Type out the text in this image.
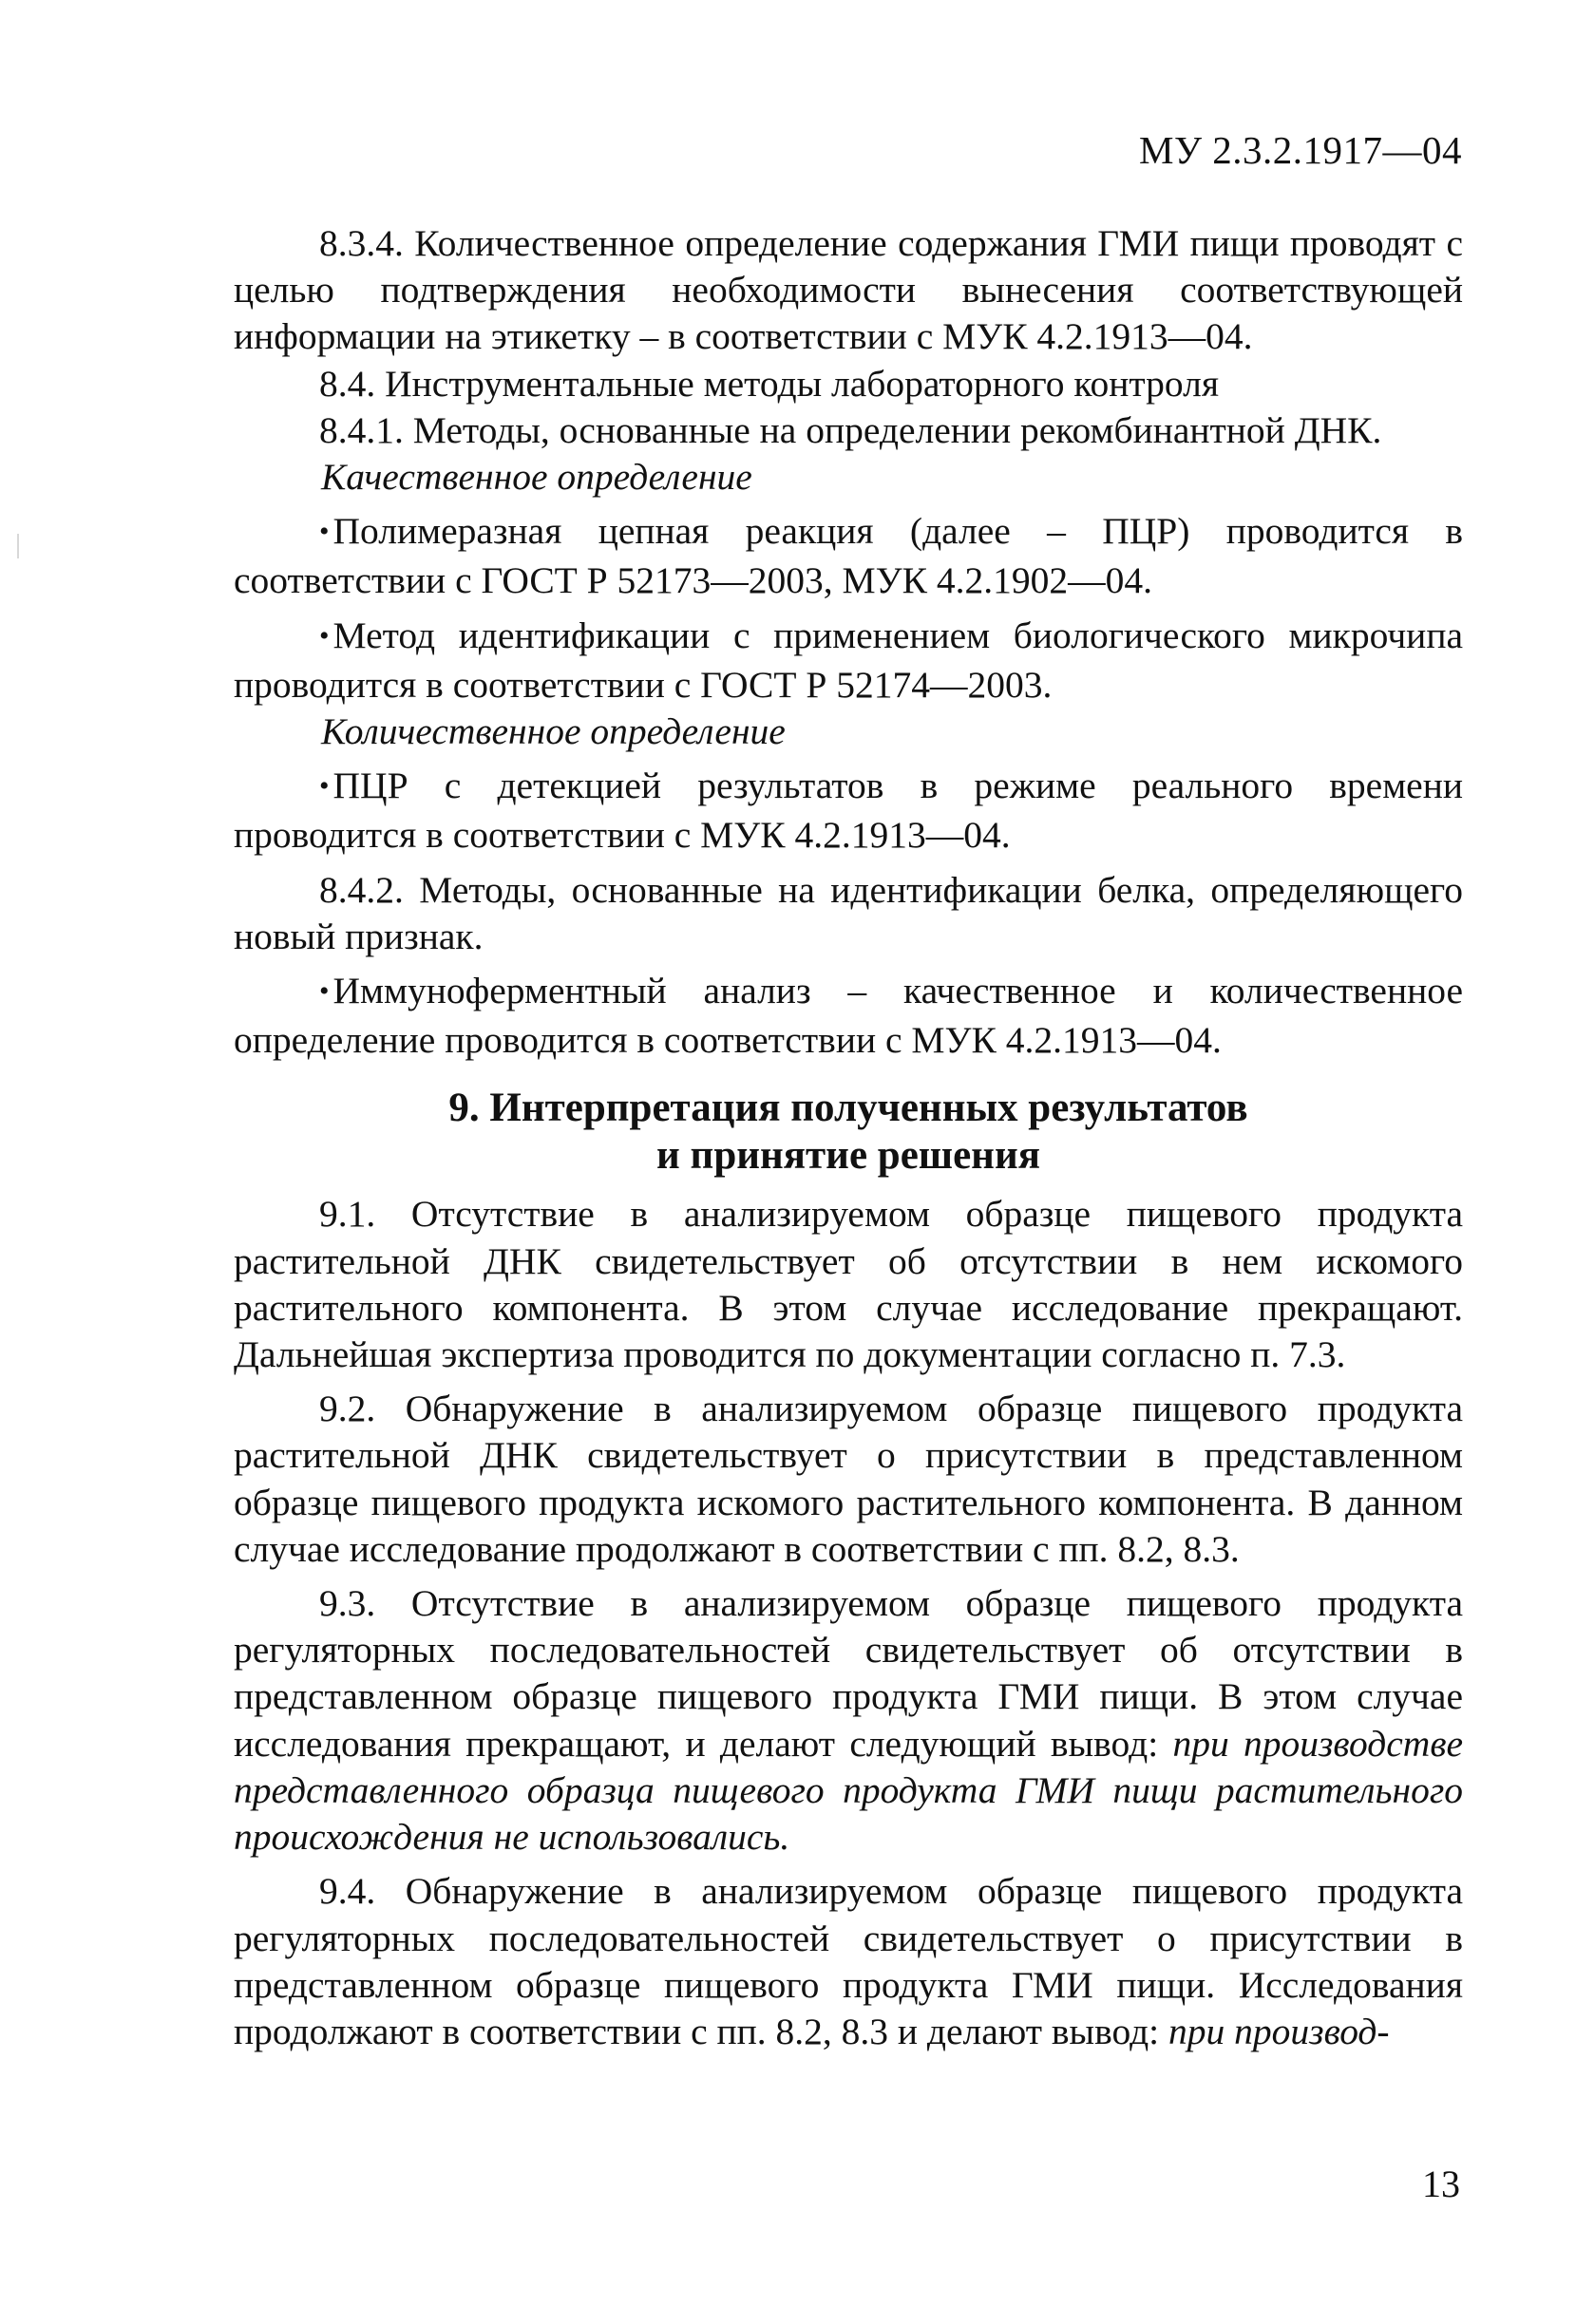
МУ 2.3.2.1917—04

8.3.4. Количественное определение содержания ГМИ пищи проводят с целью подтверждения необходимости вынесения соответствующей информации на этикетку – в соответствии с МУК 4.2.1913—04.

8.4. Инструментальные методы лабораторного контроля

8.4.1. Методы, основанные на определении рекомбинантной ДНК.

Качественное определение

• Полимеразная цепная реакция (далее – ПЦР) проводится в соответствии с ГОСТ Р 52173—2003, МУК 4.2.1902—04.

• Метод идентификации с применением биологического микрочипа проводится в соответствии с ГОСТ Р 52174—2003.

Количественное определение

• ПЦР с детекцией результатов в режиме реального времени проводится в соответствии с МУК 4.2.1913—04.

8.4.2. Методы, основанные на идентификации белка, определяющего новый признак.

• Иммуноферментный анализ – качественное и количественное определение проводится в соответствии с МУК 4.2.1913—04.

9. Интерпретация полученных результатов
и принятие решения

9.1. Отсутствие в анализируемом образце пищевого продукта растительной ДНК свидетельствует об отсутствии в нем искомого растительного компонента. В этом случае исследование прекращают. Дальнейшая экспертиза проводится по документации согласно п. 7.3.

9.2. Обнаружение в анализируемом образце пищевого продукта растительной ДНК свидетельствует о присутствии в представленном образце пищевого продукта искомого растительного компонента. В данном случае исследование продолжают в соответствии с пп. 8.2, 8.3.

9.3. Отсутствие в анализируемом образце пищевого продукта регуляторных последовательностей свидетельствует об отсутствии в представленном образце пищевого продукта ГМИ пищи. В этом случае исследования прекращают, и делают следующий вывод: при производстве представленного образца пищевого продукта ГМИ пищи растительного происхождения не использовались.

9.4. Обнаружение в анализируемом образце пищевого продукта регуляторных последовательностей свидетельствует о присутствии в представленном образце пищевого продукта ГМИ пищи. Исследования продолжают в соответствии с пп. 8.2, 8.3 и делают вывод: при производ-

13
